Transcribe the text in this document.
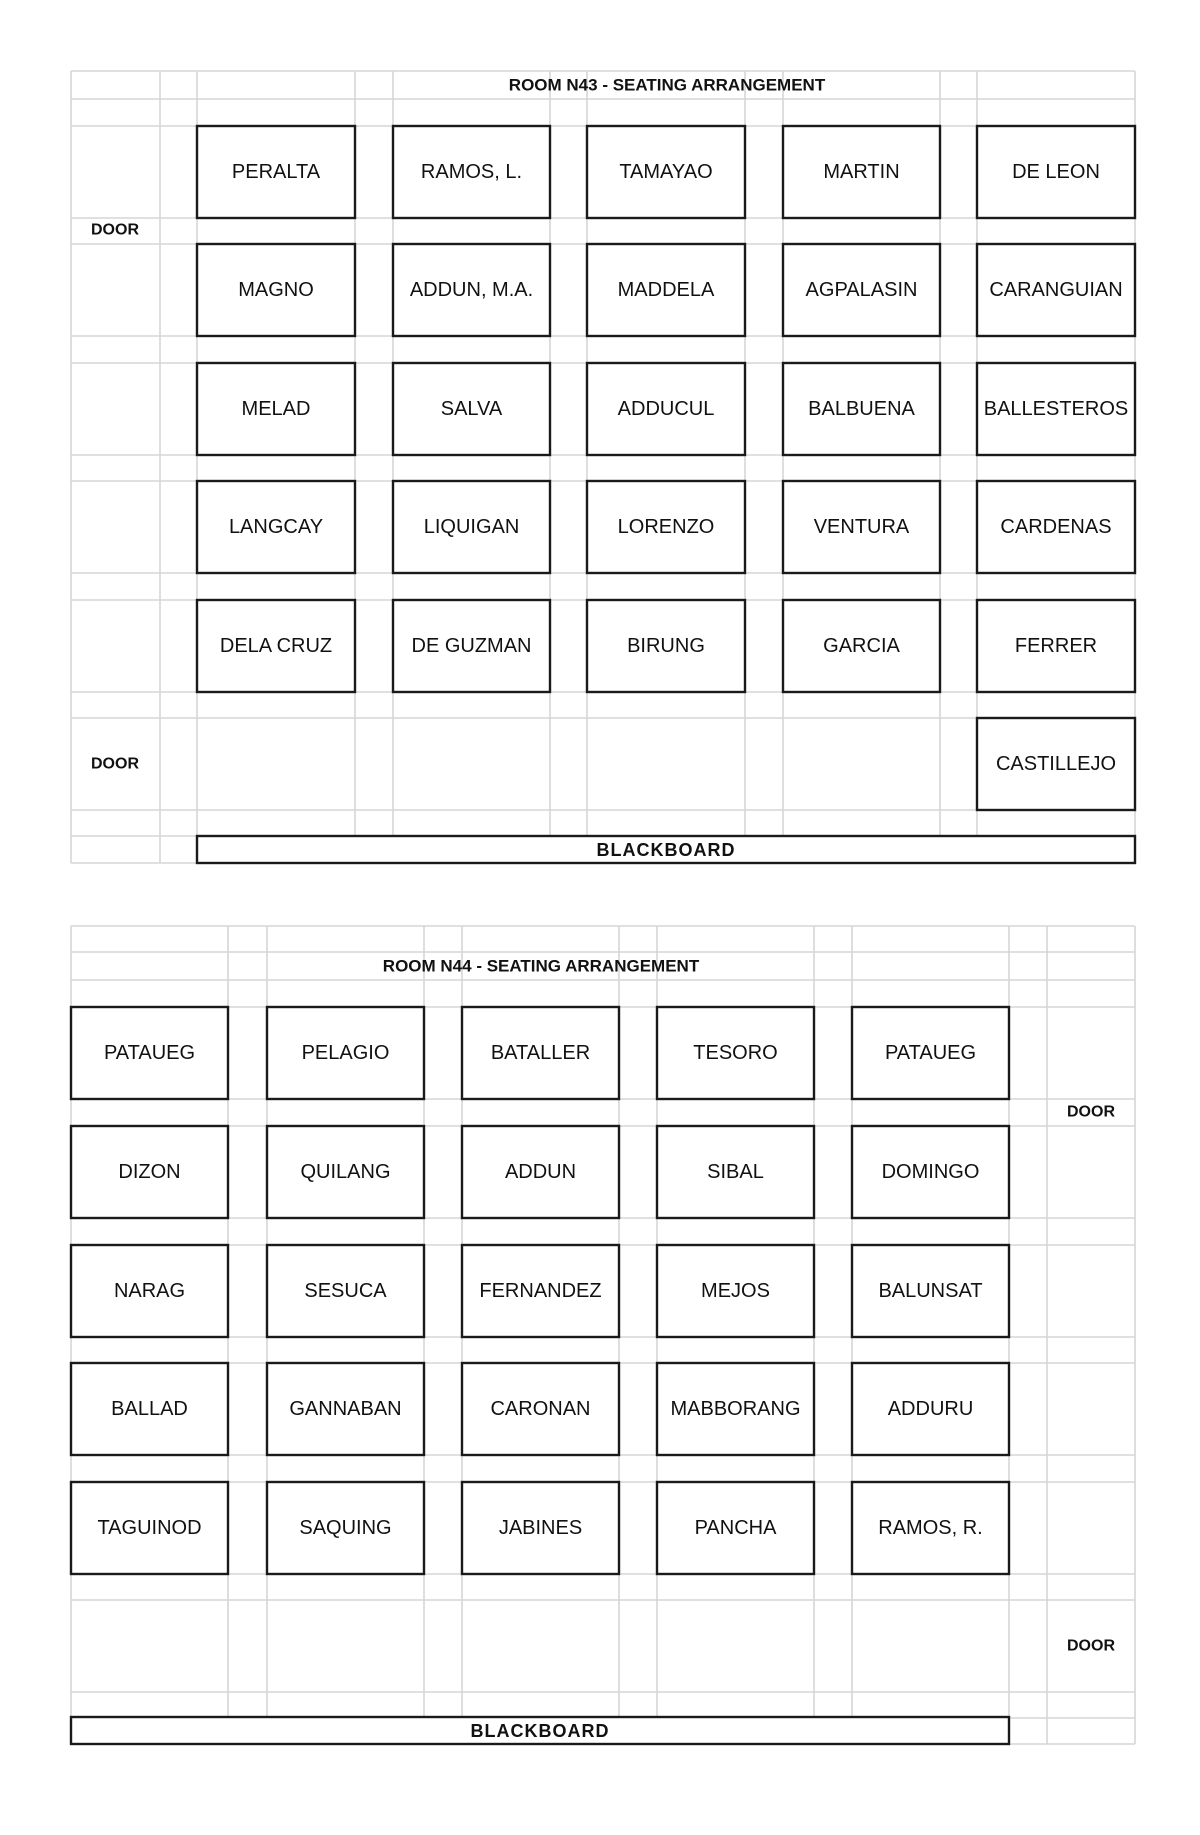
PERALTA	RAMOS, L.	TAMAYAO	MARTIN	DE LEON
MAGNO	ADDUN, M.A.	MADDELA	AGPALASIN	CARANGUIAN
MELAD	SALVA	ADDUCUL	BALBUENA	BALLESTEROS
LANGCAY	LIQUIGAN	LORENZO	VENTURA	CARDENAS
DELA CRUZ	DE GUZMAN	BIRUNG	GARCIA	FERRER
CASTILLEJO
ROOM N43 - SEATING ARRANGEMENT
DOOR
DOOR
BLACKBOARD
PATAUEG	PELAGIO	BATALLER	TESORO	PATAUEG
DIZON	QUILANG	ADDUN	SIBAL	DOMINGO
NARAG	SESUCA	FERNANDEZ	MEJOS	BALUNSAT
BALLAD	GANNABAN	CARONAN	MABBORANG	ADDURU
TAGUINOD	SAQUING	JABINES	PANCHA	RAMOS, R.
ROOM N44 - SEATING ARRANGEMENT
DOOR
DOOR
BLACKBOARD
